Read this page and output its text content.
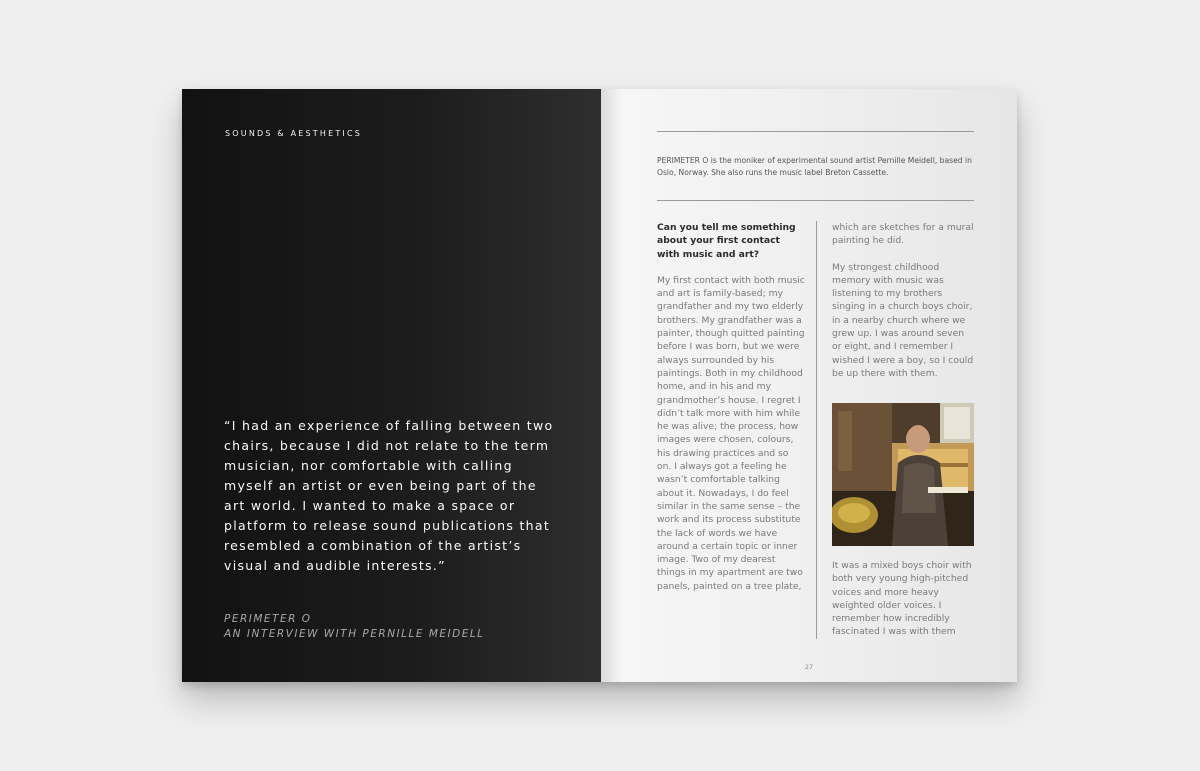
SOUNDS & AESTHETICS

“I had an experience of falling between two chairs, because I did not relate to the term musician, nor comfortable with calling myself an artist or even being part of the art world. I wanted to make a space or platform to release sound publications that resembled a combination of the artist’s visual and audible interests.”

PERIMETER O
AN INTERVIEW WITH PERNILLE MEIDELL

PERIMETER O is the moniker of experimental sound artist Pernille Meidell, based in Oslo, Norway. She also runs the music label Breton Cassette.

Can you tell me something about your first contact with music and art?

My first contact with both music and art is family-based; my grandfather and my two elderly brothers. My grandfather was a painter, though quitted painting before I was born, but we were always surrounded by his paintings. Both in my childhood home, and in his and my grandmother’s house. I regret I didn’t talk more with him while he was alive; the process, how images were chosen, colours, his drawing practices and so on. I always got a feeling he wasn’t comfortable talking about it. Nowadays, I do feel similar in the same sense – the work and its process substitute the lack of words we have around a certain topic or inner image. Two of my dearest things in my apartment are two panels, painted on a tree plate,

which are sketches for a mural painting he did.

My strongest childhood memory with music was listening to my brothers singing in a church boys choir, in a nearby church where we grew up. I was around seven or eight, and I remember I wished I were a boy, so I could be up there with them.

It was a mixed boys choir with both very young high-pitched voices and more heavy weighted older voices. I remember how incredibly fascinated I was with them

27
